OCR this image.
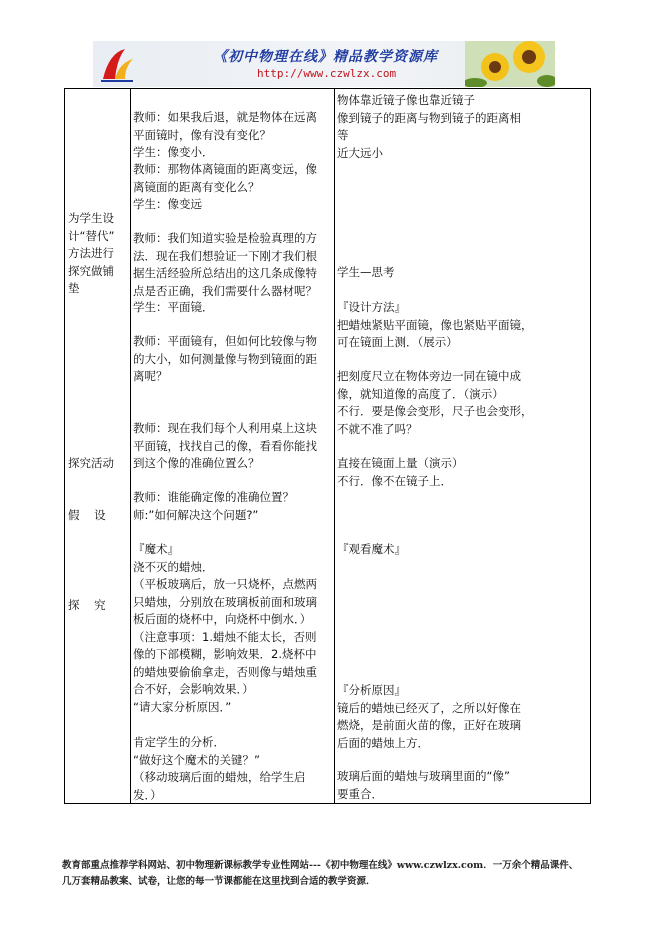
《初中物理在线》精品教学资源库
http://www.czwlzx.com
为学生设
计“替代”
方法进行
探究做铺
垫
探究活动
假    设
探    究
教师：如果我后退，就是物体在远离
平面镜时，像有没有变化？
学生：像变小．
教师：那物体离镜面的距离变远，像
离镜面的距离有变化么？
学生：像变远
教师：我们知道实验是检验真理的方
法．现在我们想验证一下刚才我们根
据生活经验所总结出的这几条成像特
点是否正确，我们需要什么器材呢？
学生：平面镜．
教师：平面镜有，但如何比较像与物
的大小，如何测量像与物到镜面的距
离呢？
教师：现在我们每个人利用桌上这块
平面镜，找找自己的像，看看你能找
到这个像的准确位置么？
教师：谁能确定像的准确位置？
师:”如何解决这个问题?”
『魔术』
浇不灭的蜡烛．
（平板玻璃后，放一只烧杯，点燃两
只蜡烛，分别放在玻璃板前面和玻璃
板后面的烧杯中，向烧杯中倒水．）
（注意事项：1.蜡烛不能太长，否则
像的下部模糊，影响效果．2.烧杯中
的蜡烛要偷偷拿走，否则像与蜡烛重
合不好，会影响效果．）
“请大家分析原因．”
肯定学生的分析．
“做好这个魔术的关键？”
（移动玻璃后面的蜡烛，给学生启
发．）
物体靠近镜子像也靠近镜子
像到镜子的距离与物到镜子的距离相
等
近大远小
学生—思考
『设计方法』
把蜡烛紧贴平面镜，像也紧贴平面镜，
可在镜面上测．（展示）
把刻度尺立在物体旁边一同在镜中成
像，就知道像的高度了．（演示）
不行．要是像会变形，尺子也会变形，
不就不准了吗？
直接在镜面上量（演示）
不行．像不在镜子上．
『观看魔术』
『分析原因』
镜后的蜡烛已经灭了，之所以好像在
燃烧，是前面火苗的像，正好在玻璃
后面的蜡烛上方．
玻璃后面的蜡烛与玻璃里面的“像”
要重合．
教育部重点推荐学科网站、初中物理新课标教学专业性网站---《初中物理在线》www.czwlzx.com．一万余个精品课件、
几万套精品教案、试卷，让您的每一节课都能在这里找到合适的教学资源．
